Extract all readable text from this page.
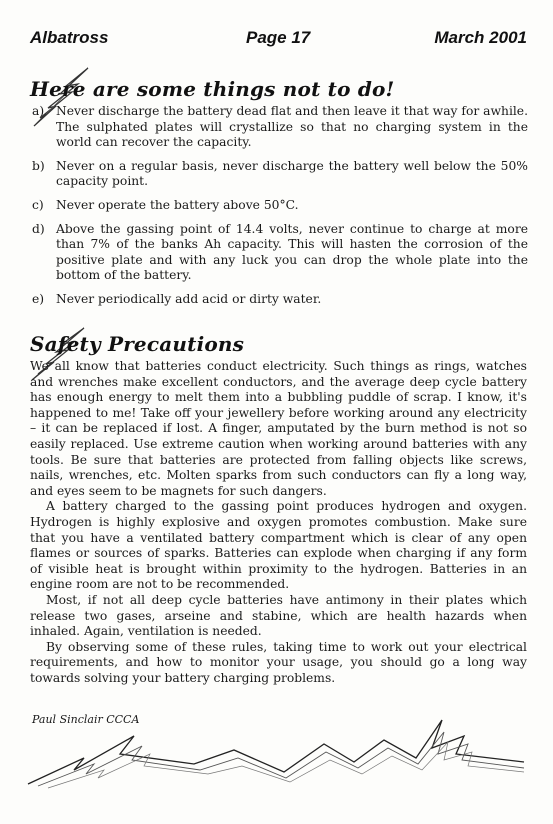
Albatross	Page 17	March 2001
Here are some things not to do!
a) Never discharge the battery dead flat and then leave it that way for awhile. The sulphated plates will crystallize so that no charging system in the world can recover the capacity.
b) Never on a regular basis, never discharge the battery well below the 50% capacity point.
c) Never operate the battery above 50°C.
d) Above the gassing point of 14.4 volts, never continue to charge at more than 7% of the banks Ah capacity. This will hasten the corrosion of the positive plate and with any luck you can drop the whole plate into the bottom of the battery.
e) Never periodically add acid or dirty water.
Safety Precautions

We all know that batteries conduct electricity. Such things as rings, watches and wrenches make excellent conductors, and the average deep cycle battery has enough energy to melt them into a bubbling puddle of scrap. I know, it's happened to me! Take off your jewellery before working around any electricity – it can be replaced if lost. A finger, amputated by the burn method is not so easily replaced. Use extreme caution when working around batteries with any tools. Be sure that batteries are protected from falling objects like screws, nails, wrenches, etc. Molten sparks from such conductors can fly a long way, and eyes seem to be magnets for such dangers.

A battery charged to the gassing point produces hydrogen and oxygen. Hydrogen is highly explosive and oxygen promotes combustion. Make sure that you have a ventilated battery compartment which is clear of any open flames or sources of sparks. Batteries can explode when charging if any form of visible heat is brought within proximity to the hydrogen. Batteries in an engine room are not to be recommended.

Most, if not all deep cycle batteries have antimony in their plates which release two gases, arseine and stabine, which are health hazards when inhaled. Again, ventilation is needed.

By observing some of these rules, taking time to work out your electrical requirements, and how to monitor your usage, you should go a long way towards solving your battery charging problems.

Paul Sinclair CCCA
